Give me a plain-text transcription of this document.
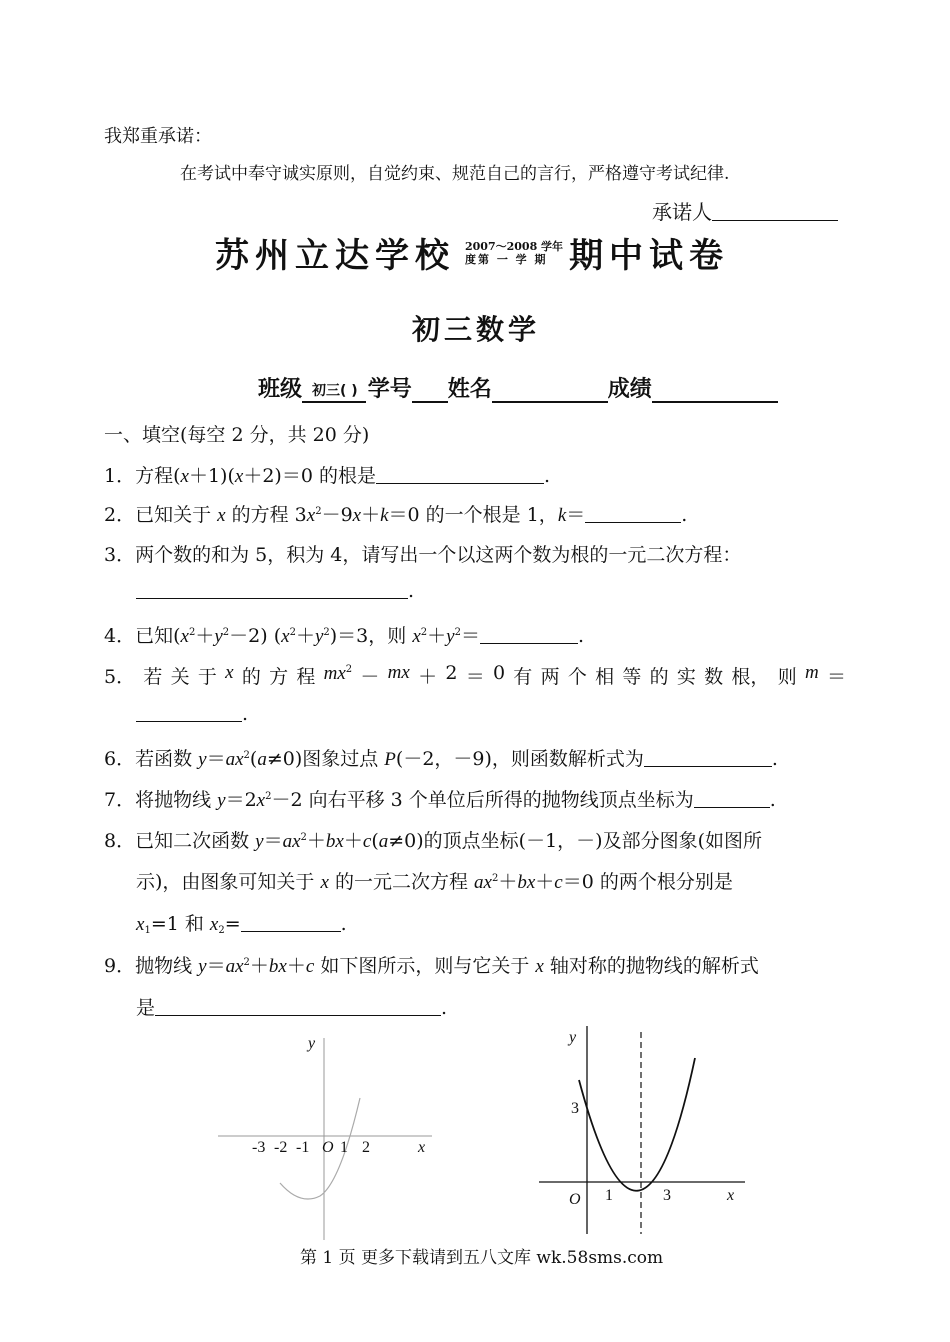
我郑重承诺：
在考试中奉守诚实原则，自觉约束、规范自己的言行，严格遵守考试纪律.
承诺人
苏州立达学校 2007～2008 学年
度第 一 学 期 期中试卷
初三数学
班级 初三( ) 学号 姓名	成绩
一、填空(每空 2 分，共 20 分)
1．方程(x＋1)(x＋2)＝0 的根是	.
2．已知关于 x 的方程 $3x^2-9x+k=0$ 的一个根是 1，k＝	.
3．两个数的和为 5，积为 4，请写出一个以这两个数为根的一元二次方程：
.
4．已知$(x^2+y^2-2)$ $(x^2+y^2)=3$，则 $x^2+y^2=$	.
5． 若 关 于 x 的 方 程 $mx^2$ － mx ＋ 2 ＝ 0 有 两 个 相 等 的 实 数 根， 则 m ＝
.
6．若函数 $y=ax^2(a\ne 0)$图象过点 P(－2，－9)，则函数解析式为	.
7．将抛物线 $y=2x^2-2$ 向右平移 3 个单位后所得的抛物线顶点坐标为	.
8．已知二次函数 $y=ax^2+bx+c(a\ne 0)$的顶点坐标(－1，－)及部分图象(如图所
示)，由图象可知关于 x 的一元二次方程 $ax^2+bx+c=0$ 的两个根分别是
$x_1=1$ 和 $x_2=$	.
9．抛物线 $y=ax^2+bx+c$ 如下图所示，则与它关于 x 轴对称的抛物线的解析式
是	.
y
x
-3 -2 -1 O 1 2
y
x
O
3
1	3
第 1 页 更多下载请到五八文库 wk.58sms.com
